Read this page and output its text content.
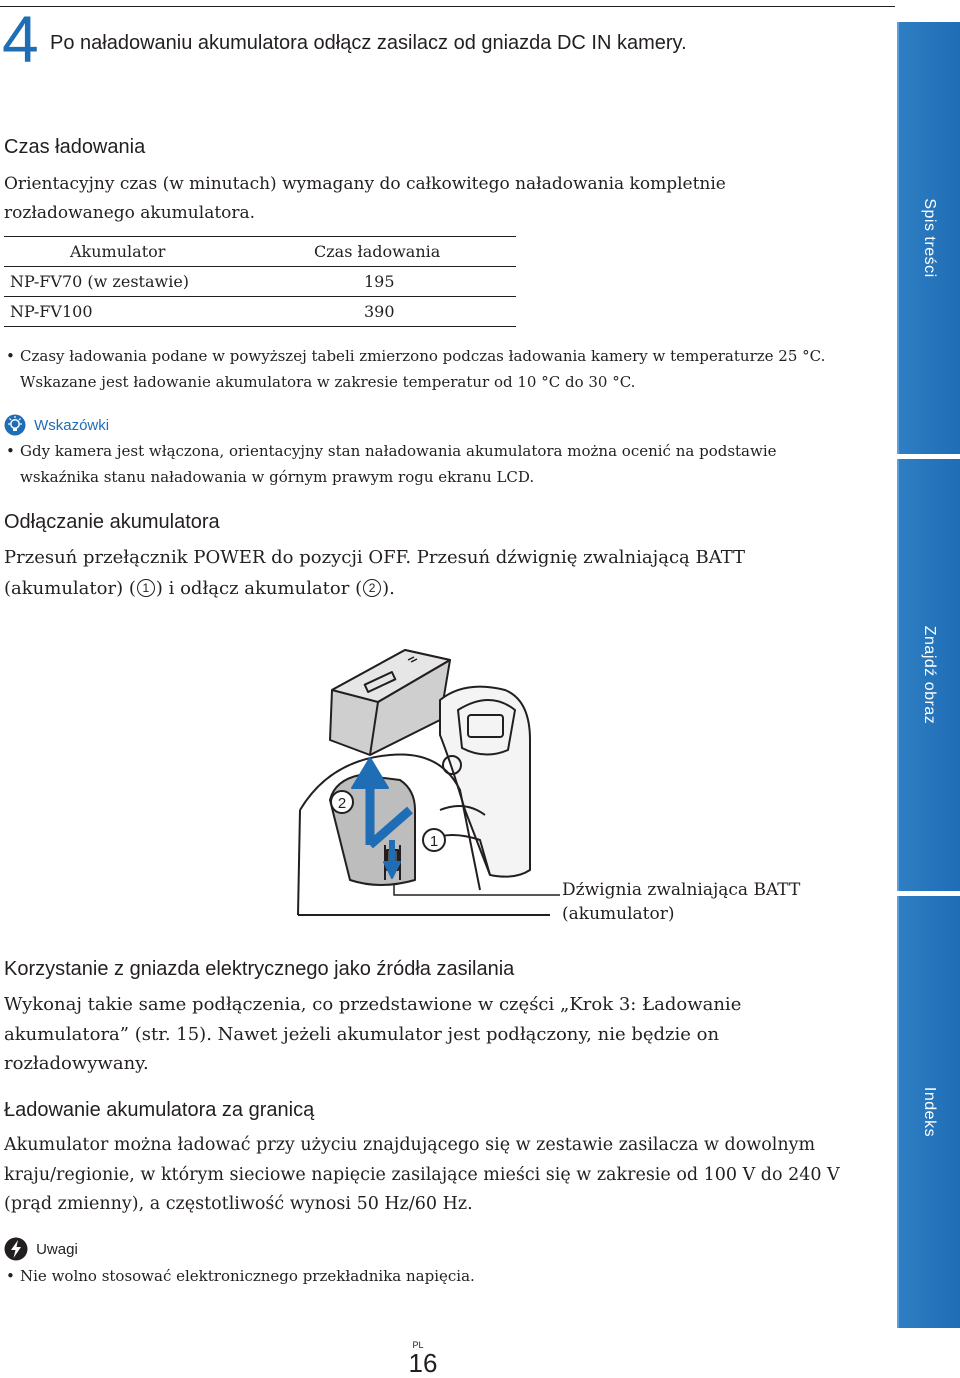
4 Po naładowaniu akumulatora odłącz zasilacz od gniazda DC IN kamery.
Czas ładowania
Orientacyjny czas (w minutach) wymagany do całkowitego naładowania kompletnie
rozładowanego akumulatora.
Akumulator	Czas ładowania
NP-FV70 (w zestawie)	195
NP-FV100	390
• Czasy ładowania podane w powyższej tabeli zmierzono podczas ładowania kamery w temperaturze 25 °C.
Wskazane jest ładowanie akumulatora w zakresie temperatur od 10 °C do 30 °C.
Wskazówki
• Gdy kamera jest włączona, orientacyjny stan naładowania akumulatora można ocenić na podstawie
wskaźnika stanu naładowania w górnym prawym rogu ekranu LCD.
Odłączanie akumulatora
Przesuń przełącznik POWER do pozycji OFF. Przesuń dźwignię zwalniającą BATT
(akumulator) ( 1 ) i odłącz akumulator ( 2 ).
2
1
Dźwignia zwalniająca BATT
(akumulator)
Korzystanie z gniazda elektrycznego jako źródła zasilania
Wykonaj takie same podłączenia, co przedstawione w części „Krok 3: Ładowanie
akumulatora” (str. 15). Nawet jeżeli akumulator jest podłączony, nie będzie on
rozładowywany.
Ładowanie akumulatora za granicą
Akumulator można ładować przy użyciu znajdującego się w zestawie zasilacza w dowolnym
kraju/regionie, w którym sieciowe napięcie zasilające mieści się w zakresie od 100 V do 240 V
(prąd zmienny), a częstotliwość wynosi 50 Hz/60 Hz.
Uwagi
• Nie wolno stosować elektronicznego przekładnika napięcia.
Spis treści
Znajdź obraz
Indeks
PL
16
